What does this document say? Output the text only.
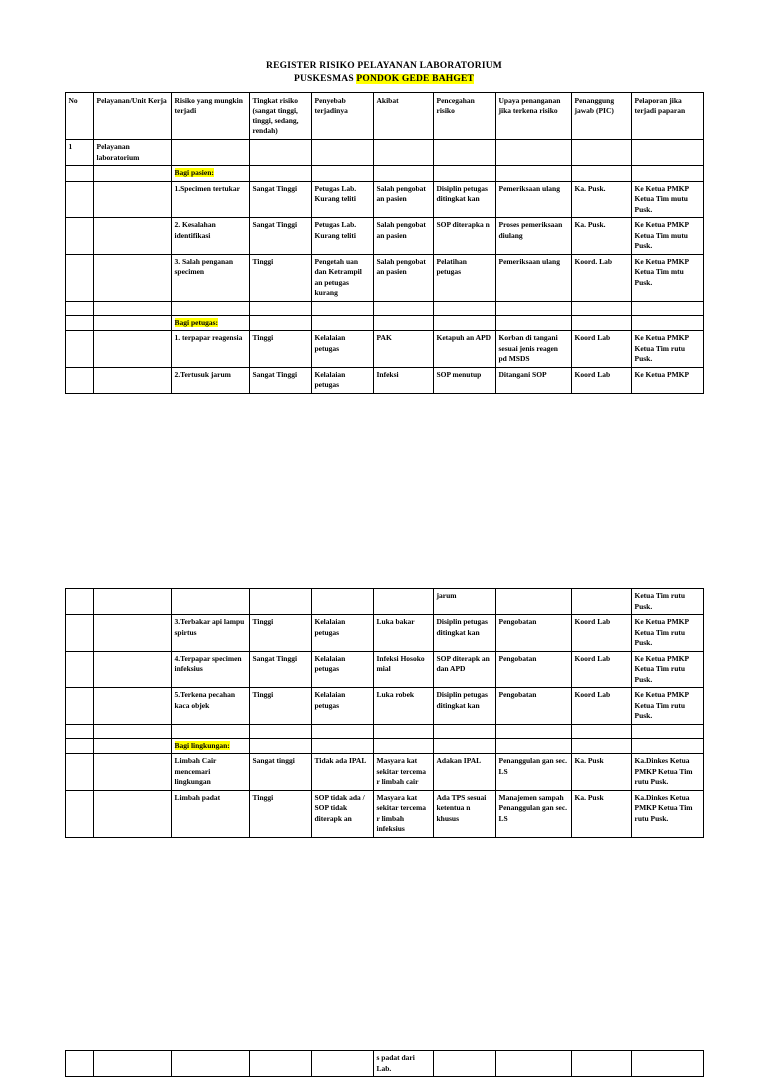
REGISTER RISIKO PELAYANAN LABORATORIUM
PUSKESMAS PONDOK GEDE BAHGET
No	Pelayanan/Unit Kerja	Risiko yang mungkin terjadi	Tingkat risiko (sangat tinggi, tinggi, sedang, rendah)	Penyebab terjadinya	Akibat	Pencegahan risiko	Upaya penanganan jika terkena risiko	Penanggung jawab (PIC)	Pelaporan jika terjadi paparan
1	Pelayanan laboratorium								
		Bagi pasien:							
		1.Specimen tertukar	Sangat Tinggi	Petugas Lab. Kurang teliti	Salah pengobat an pasien	Disiplin petugas ditingkat kan	Pemeriksaan ulang	Ka. Pusk.	Ke Ketua PMKP Ketua Tim mutu Pusk.
		2. Kesalahan identifikasi	Sangat Tinggi	Petugas Lab. Kurang teliti	Salah pengobat an pasien	SOP diterapka n	Proses pemeriksaan diulang	Ka. Pusk.	Ke Ketua PMKP Ketua Tim mutu Pusk.
		3. Salah penganan specimen	Tinggi	Pengetah uan dan Ketrampil an petugas kurang	Salah pengobat an pasien	Pelatihan petugas	Pemeriksaan ulang	Koord. Lab	Ke Ketua PMKP Ketua Tim mtu Pusk.

		Bagi petugas:							
		1. terpapar reagensia	Tinggi	Kelalaian petugas	PAK	Ketapuh an APD	Korban di tangani sesuai jenis reagen pd MSDS	Koord Lab	Ke Ketua PMKP Ketua Tim rutu Pusk.
		2.Tertusuk jarum	Sangat Tinggi	Kelalaian petugas	Infeksi	SOP menutup	Ditangani SOP	Koord Lab	Ke Ketua PMKP
						jarum			Ketua Tim rutu Pusk.
		3.Terbakar api lampu spirtus	Tinggi	Kelalaian petugas	Luka bakar	Disiplin petugas ditingkat kan	Pengobatan	Koord Lab	Ke Ketua PMKP Ketua Tim rutu Pusk.
		4.Terpapar specimen infeksius	Sangat Tinggi	Kelalaian petugas	Infeksi Hosoko mial	SOP diterapk an dan APD	Pengobatan	Koord Lab	Ke Ketua PMKP Ketua Tim rutu Pusk.
		5.Terkena pecahan kaca objek	Tinggi	Kelalaian petugas	Luka robek	Disiplin petugas ditingkat kan	Pengobatan	Koord Lab	Ke Ketua PMKP Ketua Tim rutu Pusk.

		Bagi lingkungan:							
		Limbah Cair mencemari lingkungan	Sangat tinggi	Tidak ada IPAL	Masyara kat sekitar tercema r limbah cair	Adakan IPAL	Penanggulan gan sec. LS	Ka. Pusk	Ka.Dinkes Ketua PMKP Ketua Tim rutu Pusk.
		Limbah padat	Tinggi	SOP tidak ada / SOP tidak diterapk an	Masyara kat sekitar tercema r limbah infeksius	Ada TPS sesuai ketentua n khusus	Manajemen sampah Penanggulan gan sec. LS	Ka. Pusk	Ka.Dinkes Ketua PMKP Ketua Tim rutu Pusk.
					s padat dari Lab.				
